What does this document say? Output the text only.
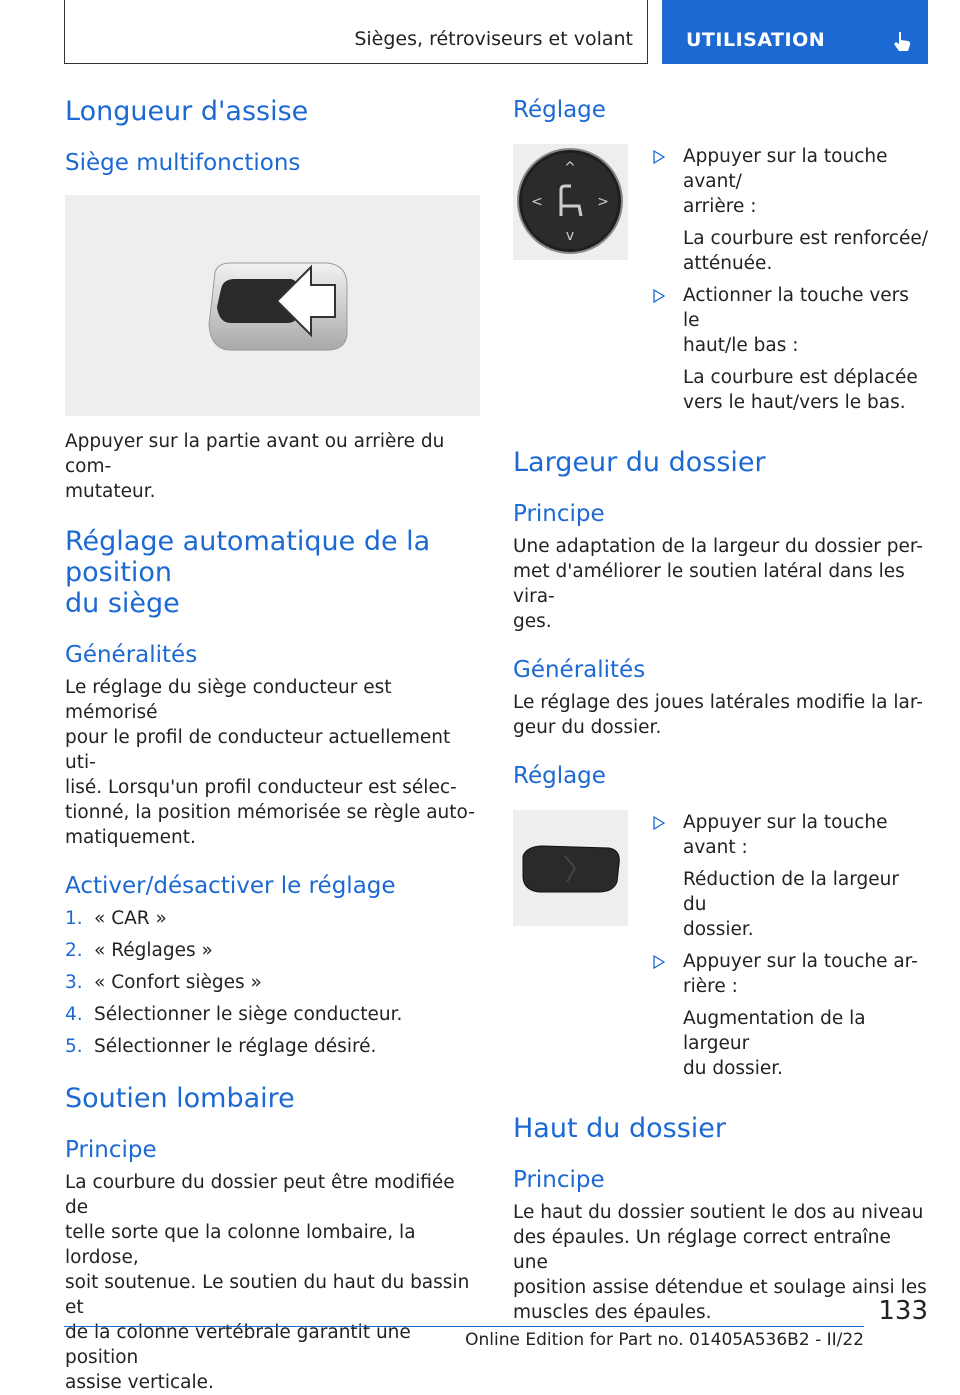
Sièges, rétroviseurs et volant	UTILISATION
Longueur d'assise
Siège multifonctions

Appuyer sur la partie avant ou arrière du com-
mutateur.

Réglage automatique de la position
du siège
Généralités

Le réglage du siège conducteur est mémorisé
pour le profil de conducteur actuellement uti-
lisé. Lorsqu'un profil conducteur est sélec-
tionné, la position mémorisée se règle auto-
matiquement.

Activer/désactiver le réglage
1. « CAR »
2. « Réglages »
3. « Confort sièges »
4. Sélectionner le siège conducteur.
5. Sélectionner le réglage désiré.
Soutien lombaire
Principe

La courbure du dossier peut être modifiée de
telle sorte que la colonne lombaire, la lordose,
soit soutenue. Le soutien du haut du bassin et
de la colonne vertébrale garantit une position
assise verticale.

Réglage
^
v
<	>
Appuyer sur la touche avant/
arrière :
La courbure est renforcée/
atténuée.
Actionner la touche vers le
haut/le bas :
La courbure est déplacée
vers le haut/vers le bas.
Largeur du dossier
Principe

Une adaptation de la largeur du dossier per-
met d'améliorer le soutien latéral dans les vira-
ges.

Généralités

Le réglage des joues latérales modifie la lar-
geur du dossier.

Réglage
Appuyer sur la touche avant :
Réduction de la largeur du
dossier.
Appuyer sur la touche ar-
rière :
Augmentation de la largeur
du dossier.
Haut du dossier
Principe

Le haut du dossier soutient le dos au niveau
des épaules. Un réglage correct entraîne une
position assise détendue et soulage ainsi les
muscles des épaules.	133
Online Edition for Part no. 01405A536B2 - II/22
